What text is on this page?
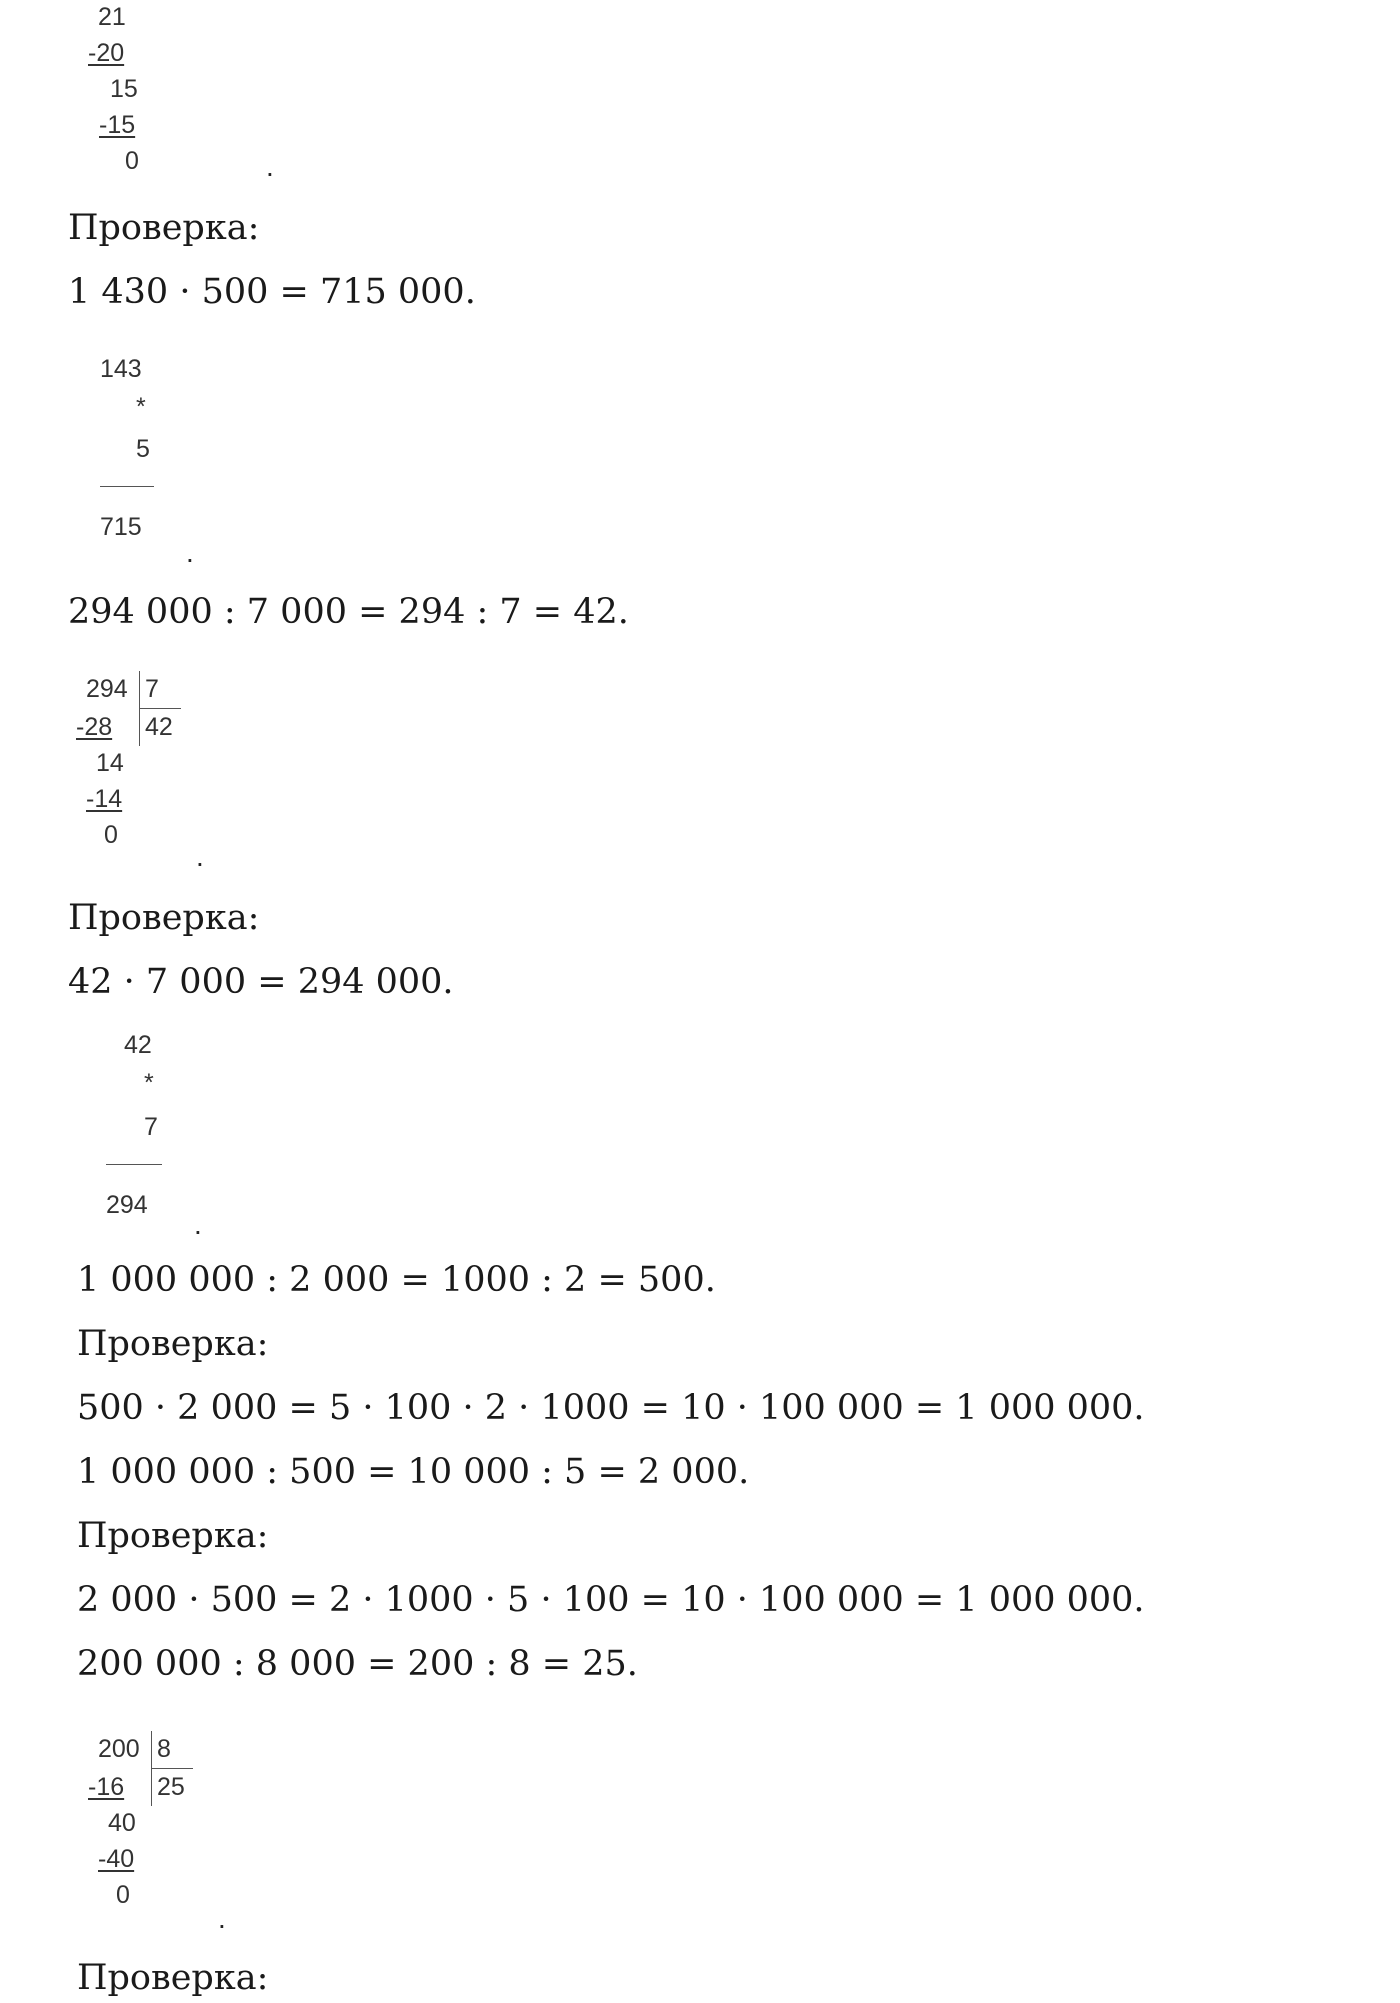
21
-20
15
-15
0	.
Проверка:
1 430 · 500 = 715 000.
143
*
5
715
.
294 000 : 7 000 = 294 : 7 = 42.
294 7
-28 42
14
-14
0
.
Проверка:
42 · 7 000 = 294 000.
42
*
7
294
.
1 000 000 : 2 000 = 1000 : 2 = 500.
Проверка:
500 · 2 000 = 5 · 100 · 2 · 1000 = 10 · 100 000 = 1 000 000.
1 000 000 : 500 = 10 000 : 5 = 2 000.
Проверка:
2 000 · 500 = 2 · 1000 · 5 · 100 = 10 · 100 000 = 1 000 000.
200 000 : 8 000 = 200 : 8 = 25.
200 8
-16 25
40
-40
0
.
Проверка:
